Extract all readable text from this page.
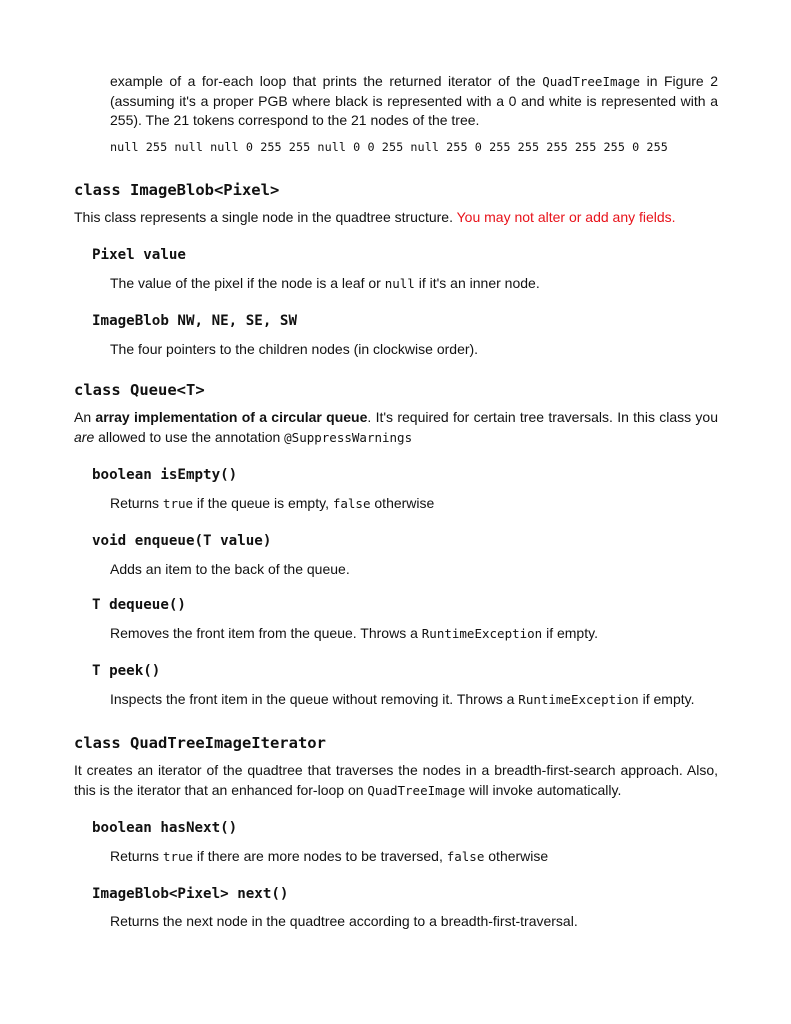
example of a for-each loop that prints the returned iterator of the QuadTreeImage in Figure 2 (assuming it's a proper PGB where black is represented with a 0 and white is represented with a 255). The 21 tokens correspond to the 21 nodes of the tree.
null 255 null null 0 255 255 null 0 0 255 null 255 0 255 255 255 255 255 0 255
class ImageBlob<Pixel>
This class represents a single node in the quadtree structure. You may not alter or add any fields.
Pixel value
The value of the pixel if the node is a leaf or null if it's an inner node.
ImageBlob NW, NE, SE, SW
The four pointers to the children nodes (in clockwise order).
class Queue<T>
An array implementation of a circular queue. It's required for certain tree traversals. In this class you are allowed to use the annotation @SuppressWarnings
boolean isEmpty()
Returns true if the queue is empty, false otherwise
void enqueue(T value)
Adds an item to the back of the queue.
T dequeue()
Removes the front item from the queue. Throws a RuntimeException if empty.
T peek()
Inspects the front item in the queue without removing it. Throws a RuntimeException if empty.
class QuadTreeImageIterator
It creates an iterator of the quadtree that traverses the nodes in a breadth-first-search approach. Also, this is the iterator that an enhanced for-loop on QuadTreeImage will invoke automatically.
boolean hasNext()
Returns true if there are more nodes to be traversed, false otherwise
ImageBlob<Pixel> next()
Returns the next node in the quadtree according to a breadth-first-traversal.
